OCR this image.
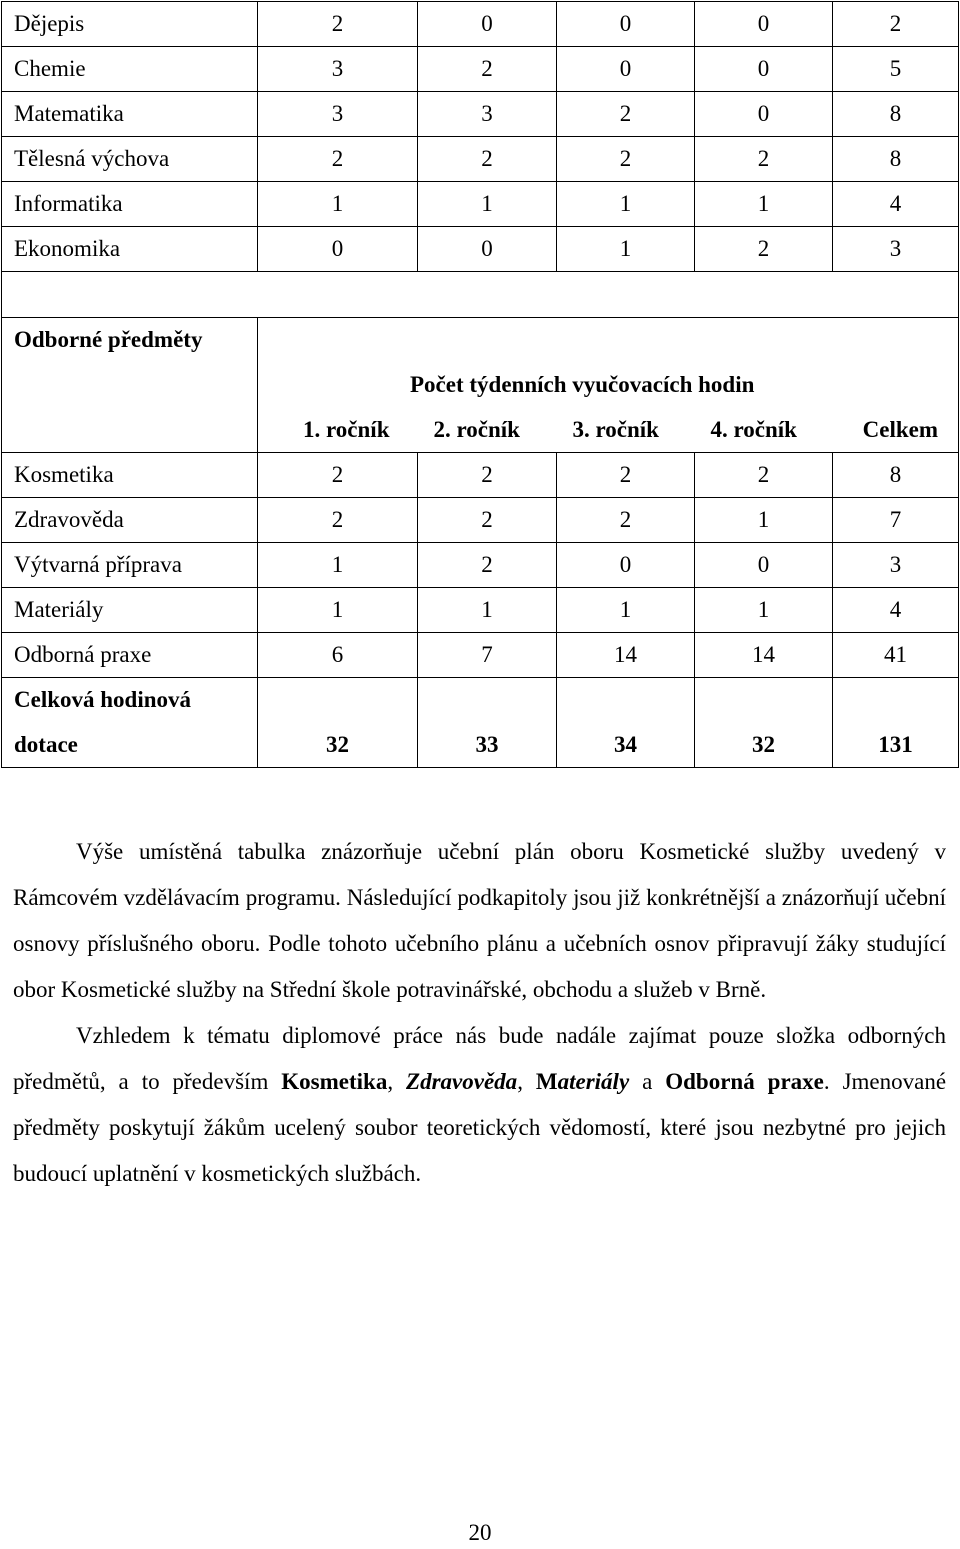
Dějepis	2	0	0	0	2
Chemie	3	2	0	0	5
Matematika	3	3	2	0	8
Tělesná výchova	2	2	2	2	8
Informatika	1	1	1	1	4
Ekonomika	0	0	1	2	3

Odborné předměty					
	Počet týdenních vyučovacích hodin				
	1. ročník	2. ročník	3. ročník	4. ročník	Celkem
Kosmetika	2	2	2	2	8
Zdravověda	2	2	2	1	7
Výtvarná příprava	1	2	0	0	3
Materiály	1	1	1	1	4
Odborná praxe	6	7	14	14	41
Celková hodinová					
dotace	32	33	34	32	131

Výše umístěná tabulka znázorňuje učební plán oboru Kosmetické služby uvedený v Rámcovém vzdělávacím programu. Následující podkapitoly jsou již konkrétnější a znázorňují učební osnovy příslušného oboru. Podle tohoto učebního plánu a učebních osnov připravují žáky studující obor Kosmetické služby na Střední škole potravinářské, obchodu a služeb v Brně.

Vzhledem k tématu diplomové práce nás bude nadále zajímat pouze složka odborných předmětů, a to především Kosmetika, Zdravověda, Materiály a Odborná praxe. Jmenované předměty poskytují žákům ucelený soubor teoretických vědomostí, které jsou nezbytné pro jejich budoucí uplatnění v kosmetických službách.

20
